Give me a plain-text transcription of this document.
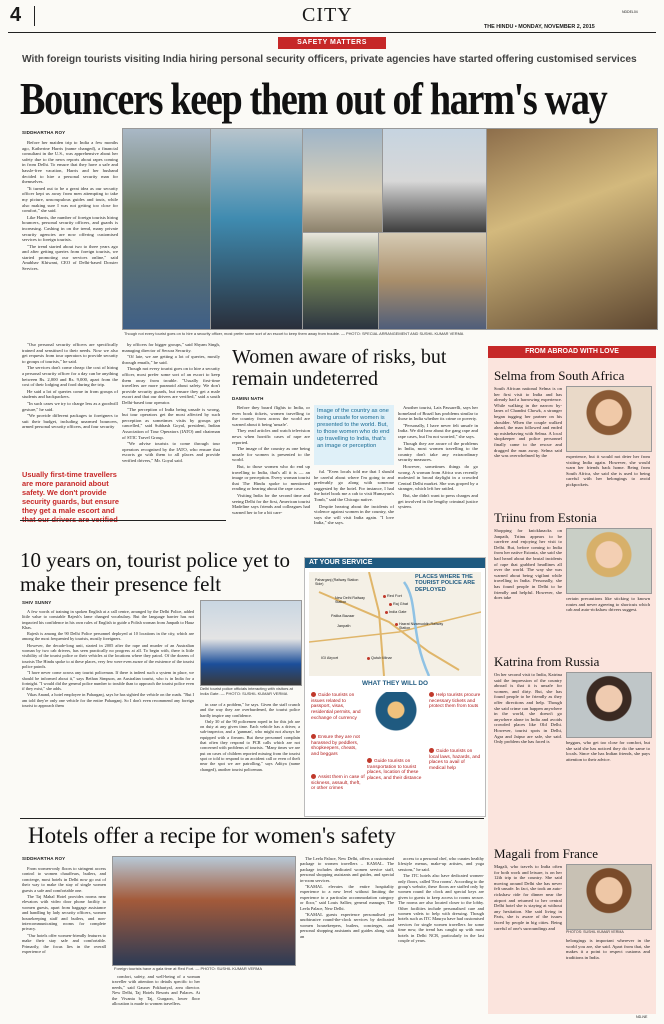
4	CITY	NDDEL04
THE HINDU • MONDAY, NOVEMBER 2, 2015
SAFETY MATTERS
With foreign tourists visiting India hiring personal security officers, private agencies have started offering customised services
Bouncers keep them out of harm's way
SIDDHARTHA ROY

Before her maiden trip to India a few months ago, Katherine Harris (name changed), a financial consultant in the U.S., was apprehensive about her safety due to the news reports about rapes coming in from Delhi. To ensure that they have a safe and hassle-free vacation, Harris and her husband decided to hire a personal security man for themselves.

"It turned out to be a great idea as our security officer kept us away from men attempting to take my picture, unscrupulous guides and touts, while also making sure I was not getting too close for comfort," she said.

Like Harris, the number of foreign tourists hiring bouncers, personal security officers, and guards is increasing. Cashing in on the trend, many private security agencies are now offering customised services to foreign tourists.

"The trend started about two to three years ago and after getting queries from foreign tourists, we started promoting our services online," said Anubhav Khiwani, CEO of Delhi-based Dossier Services.

"Our personal security officers are specifically trained and sensitised to their needs. Now we also get requests from tour operators to provide security to groups of tourists," he said.

The services don't come cheap: the cost of hiring a personal security officer for a day can be anything between Rs. 2,000 and Rs. 9,000, apart from the cost of their lodging and food during the trip.

He said a lot of queries come in from groups of students and backpackers.

"In such cases we try to charge less as a goodwill gesture," he said.

"We provide different packages to foreigners to suit their budget, including unarmed bouncers, armed personal security officers, and four security

Usually first-time travellers are more paranoid about safety. We don't provide security guards, but ensure they get a male escort and that our drivers are verified

by officers for bigger groups," said Shyam Singh, managing director of Secura Security.

"Of late, we are getting a lot of queries, mostly through emails," he said.

Though not every tourist goes on to hire a security officer, most prefer some sort of an escort to keep them away from trouble. "Usually first-time travellers are more paranoid about safety. We don't provide security guards, but ensure they get a male escort and that our drivers are verified," said a south Delhi-based tour operator.

"The perception of India being unsafe is wrong, but tour operators get the most affected by such perception as sometimes visits by groups get cancelled," said Subhash Goyal, president, Indian Association of Tour Operators (IATO) and chairman of STIC Travel Group.

"We advise tourists to come through tour operators recognised by the IATO, who ensure that escorts go with them to all places and provide verified drivers," Mr. Goyal said.

Though not every tourist goes on to hire a security officer, most prefer some sort of an escort to keep them away from trouble. — PHOTO: SPECIAL ARRANGEMENT AND SUSHIL KUMAR VERMA
Women aware of risks, but remain undeterred
DAMINI NATH

Before they board flights to India, or even book tickets, women travelling to the country from across the world are warned about it being 'unsafe'.

They read articles and watch television news when horrific cases of rape are reported.

The image of the country as one being unsafe for women is presented to the world.

But, to those women who do end up travelling to India, that's all it is — an image or perception. Every woman tourist that The Hindu spoke to mentioned reading or hearing about the rape cases.

Visiting India for the second time and seeing Delhi for the first, American tourist Madeline says friends and colleagues had warned her to be a bit care-

Image of the country as one being unsafe for women is presented to the world. But, to those women who do end up travelling to India, that's an image or perception

ful. "Even locals told me that I should be careful about where I'm going to and preferably go along with someone suggested by the hotel. For instance, I had the hotel book me a cab to visit Humayun's Tomb," said the Chicago native.

Despite hearing about the incidents of violence against women in the country, she says she will visit India again. "I love India," she says.

Another tourist, Lais Passarelli, says her homeland of Brazil has problems similar to those in India whether its crime or poverty.

"Personally, I have never felt unsafe in India. We did hear about the gang rape and rape cases, but I'm not worried," she says.

Though they are aware of the problems in India, most women travelling to the country don't take any extraordinary security measures.

However, sometimes things do go wrong. A woman from Africa was recently molested in broad daylight in a crowded Central Delhi market. She was groped by a stranger, which left her rattled.

But, she didn't want to press charges and get involved in the lengthy criminal justice system.

10 years on, tourist police yet to make their presence felt
SHIV SUNNY

A few words of training in spoken English at a call centre, arranged by the Delhi Police, added little value to constable Rajesh's lame changed vocabulary. But the language barrier has not impacted his confidence in his own rules of English to guide a Polish woman from Janpath to Hauz Khas.

Rajesh is among the 90 Delhi Police personnel deployed at 10 locations in the city, which are among the most frequented by tourists, mostly foreigners.

However, the decade-long unit, started in 2005 after the rape and murder of an Australian woman by two cab drivers, has seen practically no progress at all. To begin with, there is little visibility of the tourist police or their vehicles at the locations where they patrol. Of the dozens of tourists The Hindu spoke to at these places, very few were even aware of the existence of the tourist police patrols.

"I have never come across any tourist policeman. If there is indeed such a system in place, we should be informed about it," says Bethan Simpson, an Australian tourist, who is in India for a fortnight. "I would did the general police number to trouble than to approach the tourist police even if they exist," she adds.

Vikas Anand, a hotel employee in Paharganj, says he has sighted the vehicle on the roads. "But I am told they're only one vehicle for the entire Paharganj. So I don't even recommend any foreign tourist to approach them

Delhi tourist police officials interacting with visitors at India Gate. — PHOTO: SUSHIL KUMAR VERMA

in case of a problem," he says. Given the staff crunch and the way they are overburdened, the tourist police hardly inspire any confidence.

Only 30 of the 90 policemen roped in for this job are on duty at any given time. Each vehicle has a driver, a sub-inspector, and a 'gunman', who might not always be equipped with a firearm. But these personnel complain that often they respond to PCR calls which are not concerned with problems of tourists. "Many times we are put on cases of children reported missing from the tourist spot or told to respond to an accident call or even of theft near the spot we are patrolling," says Aditya (name changed), another tourist policeman.

AT YOUR SERVICE
PLACES WHERE THE TOURIST POLICE ARE DEPLOYED
Paharganj (Railway Station Side)
Red Fort
Raj Ghat
New Delhi Railway Station
India Gate
Palika Bazaar
Hazrat Nizamuddin Railway Station
Janpath
IGI Airport	Qutub Minar
WHAT THEY WILL DO
Guide tourists on issues related to passport, visas, residential permits, and exchange of currency
Ensure they are not harassed by peddlers, shopkeepers, cheats, and beggars
Assist them in case of sickness, assault, theft, or other crimes
Guide tourists on transportation to tourist places, location of these places, and their distance
Help tourists procure necessary tickets and protect them from touts
Guide tourists on local laws, hazards, and places to avail of medical help
Hotels offer a recipe for women's safety
SIDDHARTHA ROY

From women-only floors to stringent access control to women chauffeurs, butlers, and concierge, most hotels in Delhi now go out of their way to make the stay of single women guests a safe and comfortable one.

The Taj Mahal Hotel provides rooms near elevators with video door phone facility to women guests, apart from baggage assistance and handling by lady security officers, women housekeeping staff and butlers, and non-intercommunicating rooms for complete privacy.

"Our hotels offer women-friendly features to make their stay safe and comfortable. Primarily, the focus lies in the overall experience of

Foreign tourists have a gala time at Red Fort. — PHOTO: SUSHIL KUMAR VERMA

comfort, safety, and well-being of a woman traveller with attention to details specific to her needs," said Gaurav Pokhariyal, area director. New Delhi, Taj Hotels Resorts and Palaces. At the Vivanta by Taj, Gurgaon, lower floor allocation is made to women travellers.

The Leela Palace, New Delhi, offers a customised package to women travellers – KAMAL. The package includes dedicated women service staff, personal shopping assistants and guides, and special in-room services.

"KAMAL elevates the entire hospitality experience to a new level without limiting the experience to a particular accommodation category or floor," said Louis Sallier, general manager, The Leela Palace, New Delhi.

"KAMAL guests experience personalised yet unobtrusive round-the-clock services by dedicated women housekeepers, butlers, concierges, and personal shopping assistants and guides along with an

access to a personal chef, who curates healthy lifestyle menus, make-up artistes, and yoga sessions," he said.

The ITC hotels also have dedicated women-only floors, called 'Eva rooms'. According to the group's website, these floors are staffed only by women round the clock and special keys are given to guests to keep access to rooms secure. The rooms are also located closer to the lobby. Other facilities include personalised care and women valets to help with dressing. Though hotels such as ITC Maurya have had customised services for single women travellers for some time now, the trend has caught up with most hotels in Delhi NCR, particularly in the last couple of years.

FROM ABROAD WITH LOVE
Selma from South Africa
South African national Selma is on her first visit to India and has already had a harrowing experience. While walking in the narrow by-lanes of Chandni Chowk, a stranger began tugging her partner on his shoulder. When the couple walked ahead, the man followed and ended up misbehaving with Selma. A local shopkeeper and police personnel finally came to the rescue and dragged the man away. Selma said she was overwhelmed by the	experience, but it would not deter her from visiting India again. However, she would warn her friends back home. Being from South Africa, she said she is used to being careful with her belongings to avoid pickpockets.
Triinu from Estonia
Shopping for knickknacks on Janpath, Triinu appears to be carefree and enjoying her visit to Delhi. But, before coming to India from her native Estonia, she said she had heard about the brutal incidents of rape that grabbed headlines all over the world. The way she was warned about being vigilant while travelling in India. Personally, she has found people in Delhi to be friendly and helpful. However, she does take	certain precautions like sticking to known routes and never agreeing to shortcuts which cab and auto-rickshaw drivers suggest.
Katrina from Russia
On her second visit to India, Katrina said the impression of the country abroad is that it is unsafe for women, and dirty. But, she has found people to be friendly as they offer directions and help. Though she said crime can happen anywhere in the world, she doesn't go anywhere alone in India and avoids crowded places like Old Delhi. However, tourist spots in Delhi, Agra and Jaipur are safe, she said. Only problem she has faced is	beggars, who get too close for comfort, but she said she has noticed they do the same to locals. Since she has Indian friends, she pays attention to their advice.
Magali from France
Magali, who travels to India often for both work and leisure, is on her 12th trip to the country. She said moving around Delhi she has never felt unsafe. In fact, she took an auto-rickshaw ride for dinner near the airport and returned to her central Delhi hotel she is staying at without any hesitation. She said living in Paris, she is aware of the issues faced by people in big cities. Being careful of one's surroundings and
PHOTOS: SUSHIL KUMAR VERMA
belongings is important wherever in the world you are, she said. Apart from that, she makes it a point to respect customs and traditions in India.
ND-NE
